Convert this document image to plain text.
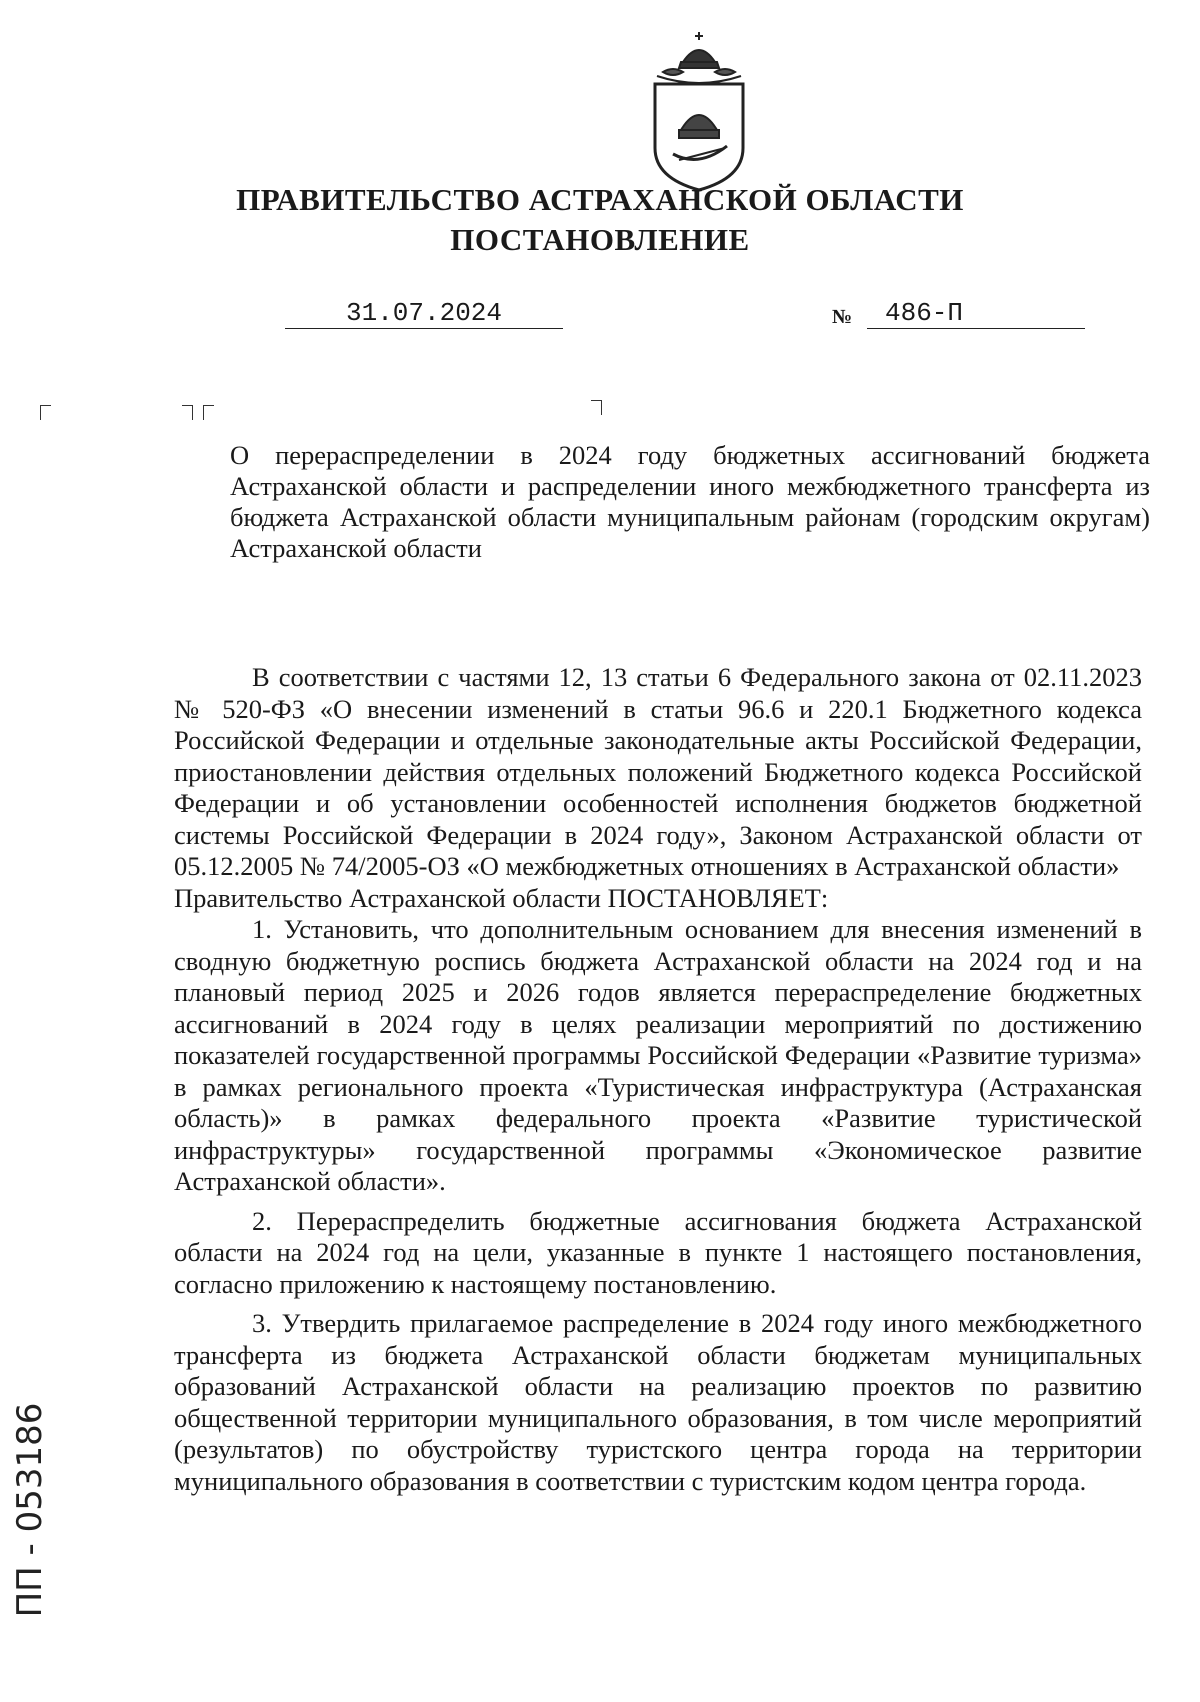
ПРАВИТЕЛЬСТВО АСТРАХАНСКОЙ ОБЛАСТИ
ПОСТАНОВЛЕНИЕ
31.07.2024	№	486-П

О перераспределении в 2024 году бюджетных ассигнований бюджета Астраханской области и распределении иного межбюджетного трансферта из бюджета Астраханской области муниципальным районам (городским округам) Астраханской области

В соответствии с частями 12, 13 статьи 6 Федерального закона от 02.11.2023 № 520-ФЗ «О внесении изменений в статьи 96.6 и 220.1 Бюджетного кодекса Российской Федерации и отдельные законодательные акты Российской Федерации, приостановлении действия отдельных положений Бюджетного кодекса Российской Федерации и об установлении особенностей исполнения бюджетов бюджетной системы Российской Федерации в 2024 году», Законом Астраханской области от 05.12.2005 № 74/2005-ОЗ «О межбюджетных отношениях в Астраханской области»

Правительство Астраханской области ПОСТАНОВЛЯЕТ:

1. Установить, что дополнительным основанием для внесения изменений в сводную бюджетную роспись бюджета Астраханской области на 2024 год и на плановый период 2025 и 2026 годов является перераспределение бюджетных ассигнований в 2024 году в целях реализации мероприятий по достижению показателей государственной программы Российской Федерации «Развитие туризма» в рамках регионального проекта «Туристическая инфраструктура (Астраханская область)» в рамках федерального проекта «Развитие туристической инфраструктуры» государственной программы «Экономическое развитие Астраханской области».

2. Перераспределить бюджетные ассигнования бюджета Астраханской области на 2024 год на цели, указанные в пункте 1 настоящего постановления, согласно приложению к настоящему постановлению.

3. Утвердить прилагаемое распределение в 2024 году иного межбюджетного трансферта из бюджета Астраханской области бюджетам муниципальных образований Астраханской области на реализацию проектов по развитию общественной территории муниципального образования, в том числе мероприятий (результатов) по обустройству туристского центра города на территории муниципального образования в соответствии с туристским кодом центра города.

ПП - 053186
